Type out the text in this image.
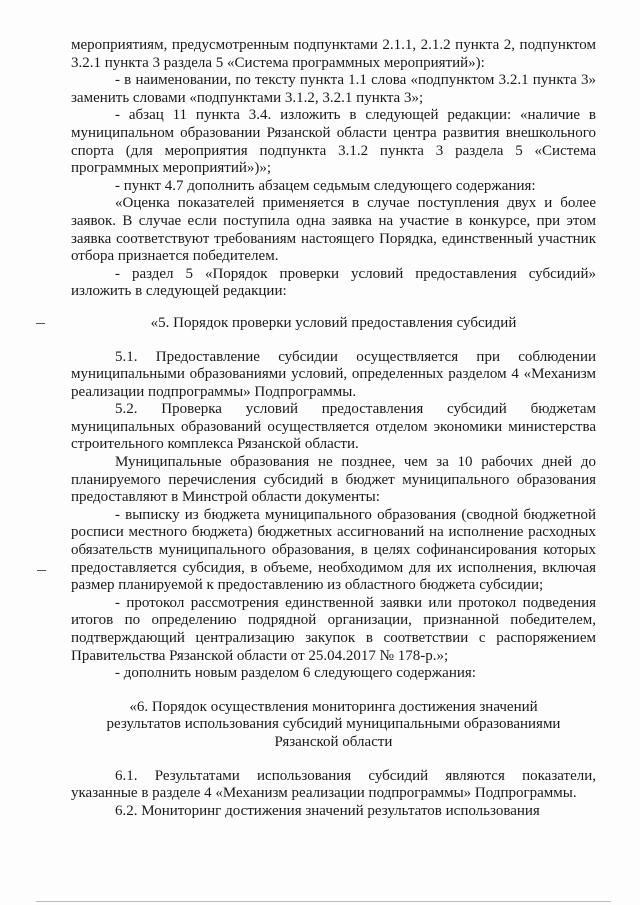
мероприятиям, предусмотренным подпунктами 2.1.1, 2.1.2 пункта 2, подпунктом 3.2.1 пункта 3 раздела 5 «Система программных мероприятий»):

- в наименовании, по тексту пункта 1.1 слова «подпунктом 3.2.1 пункта 3» заменить словами «подпунктами 3.1.2, 3.2.1 пункта 3»;

- абзац 11 пункта 3.4. изложить в следующей редакции: «наличие в муниципальном образовании Рязанской области центра развития внешкольного спорта (для мероприятия подпункта 3.1.2 пункта 3 раздела 5 «Система программных мероприятий»)»;

- пункт 4.7 дополнить абзацем седьмым следующего содержания:

«Оценка показателей применяется в случае поступления двух и более заявок. В случае если поступила одна заявка на участие в конкурсе, при этом заявка соответствуют требованиям настоящего Порядка, единственный участник отбора признается победителем.

- раздел 5 «Порядок проверки условий предоставления субсидий» изложить в следующей редакции:

«5. Порядок проверки условий предоставления субсидий

5.1. Предоставление субсидии осуществляется при соблюдении муниципальными образованиями условий, определенных разделом 4 «Механизм реализации подпрограммы» Подпрограммы.

5.2. Проверка условий предоставления субсидий бюджетам муниципальных образований осуществляется отделом экономики министерства строительного комплекса Рязанской области.

Муниципальные образования не позднее, чем за 10 рабочих дней до планируемого перечисления субсидий в бюджет муниципального образования предоставляют в Минстрой области документы:

- выписку из бюджета муниципального образования (сводной бюджетной росписи местного бюджета) бюджетных ассигнований на исполнение расходных обязательств муниципального образования, в целях софинансирования которых предоставляется субсидия, в объеме, необходимом для их исполнения, включая размер планируемой к предоставлению из областного бюджета субсидии;

- протокол рассмотрения единственной заявки или протокол подведения итогов по определению подрядной организации, признанной победителем, подтверждающий централизацию закупок в соответствии с распоряжением Правительства Рязанской области от 25.04.2017 № 178-р.»;

- дополнить новым разделом 6 следующего содержания:

«6. Порядок осуществления мониторинга достижения значений
результатов использования субсидий муниципальными образованиями
Рязанской области

6.1. Результатами использования субсидий являются показатели, указанные в разделе 4 «Механизм реализации подпрограммы» Подпрограммы.

6.2. Мониторинг достижения значений результатов использования
